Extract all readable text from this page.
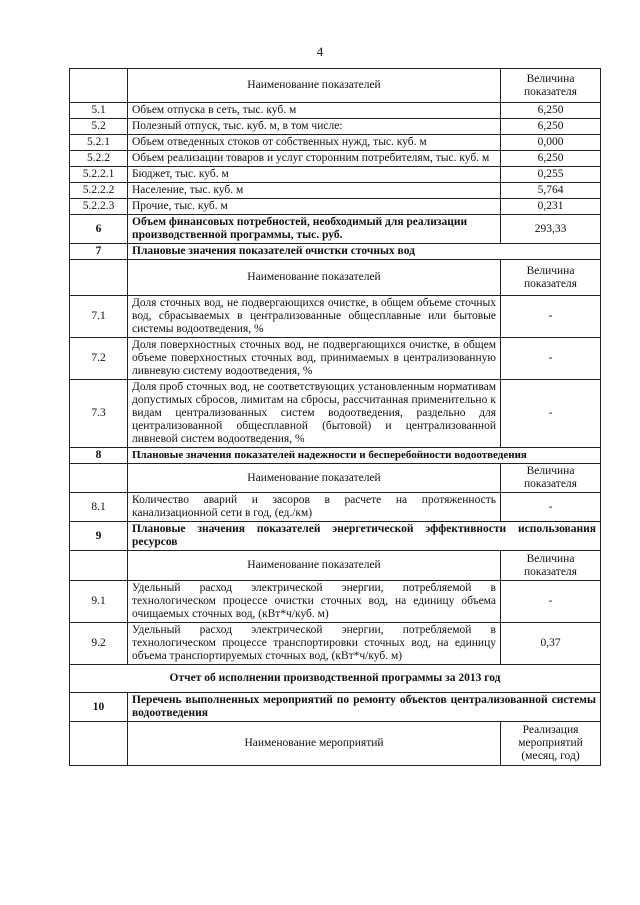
4
	Наименование показателей	Величина показателя
5.1	Объем отпуска в сеть, тыс. куб. м	6,250
5.2	Полезный отпуск, тыс. куб. м, в том числе:	6,250
5.2.1	Объем отведенных стоков от собственных нужд, тыс. куб. м	0,000
5.2.2	Объем реализации товаров и услуг сторонним потребителям, тыс. куб. м	6,250
5.2.2.1	Бюджет, тыс. куб. м	0,255
5.2.2.2	Население, тыс. куб. м	5,764
5.2.2.3	Прочие, тыс. куб. м	0,231
6	Объем финансовых потребностей, необходимый для реализации производственной программы, тыс. руб.	293,33
7	Плановые значения показателей очистки сточных вод	
	Наименование показателей	Величина показателя
7.1	Доля сточных вод, не подвергающихся очистке, в общем объеме сточных вод, сбрасываемых в централизованные общесплавные или бытовые системы водоотведения, %	-
7.2	Доля поверхностных сточных вод, не подвергающихся очистке, в общем объеме поверхностных сточных вод, принимаемых в централизованную ливневую систему водоотведения, %	-
7.3	Доля проб сточных вод, не соответствующих установленным нормативам допустимых сбросов, лимитам на сбросы, рассчитанная применительно к видам централизованных систем водоотведения, раздельно для централизованной общесплавной (бытовой) и централизованной ливневой систем водоотведения, %	-
8	Плановые значения показателей надежности и бесперебойности водоотведения	
	Наименование показателей	Величина показателя
8.1	Количество аварий и засоров в расчете на протяженность канализационной сети в год, (ед./км)	-
9	Плановые значения показателей энергетической эффективности использования ресурсов	
	Наименование показателей	Величина показателя
9.1	Удельный расход электрической энергии, потребляемой в технологическом процессе очистки сточных вод, на единицу объема очищаемых сточных вод, (кВт*ч/куб. м)	-
9.2	Удельный расход электрической энергии, потребляемой в технологическом процессе транспортировки сточных вод, на единицу объема транспортируемых сточных вод, (кВт*ч/куб. м)	0,37
Отчет об исполнении производственной программы за 2013 год		
10	Перечень выполненных мероприятий по ремонту объектов централизованной системы водоотведения	
	Наименование мероприятий	Реализация мероприятий (месяц, год)
